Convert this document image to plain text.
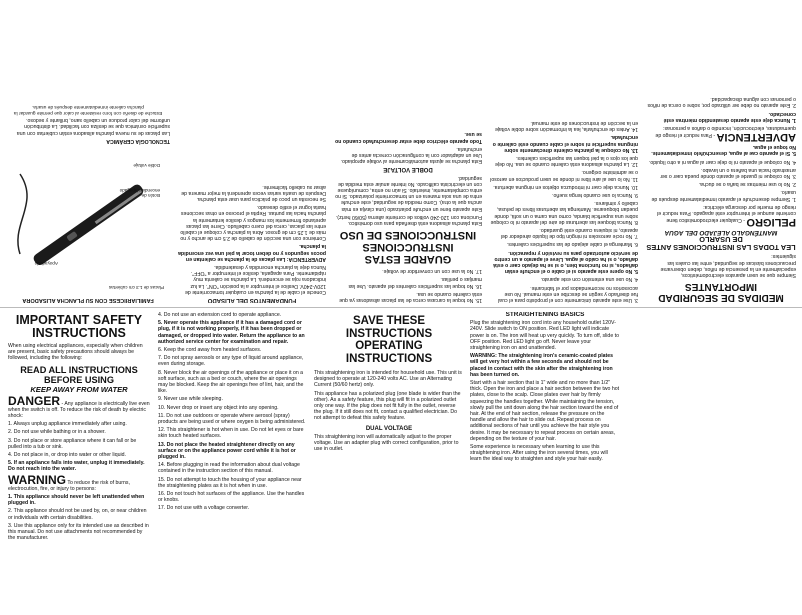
MEDIDAS DE SEGURIDAD IMPORTANTES

Siempre que se usen aparatos electrodomésticos, especialmente en la presencia de niños, deben observarse precauciones básicas de seguridad, entre las cuales las siguientes:

LEA TODAS LAS INSTRUCCIONES ANTES DE USARLO
MANTÉNGALO ALEJADO DEL AGUA

PELIGRO - Cualquier electrodoméstico tiene corriente aunque el interruptor esté apagado. Para reducir el riesgo de muerte por descarga eléctrica:

1. Siempre desenchufe el aparato inmediatamente después de usarlo.

2. No lo use mientras se baña o se ducha.

3. No coloque ni guarde el aparato donde pueda caer o ser arrastrado hacia una bañera o un lavabo.

4. No coloque el aparato ni lo deje caer al agua ni a otro líquido.

5. Si el aparato cae al agua, desenchúfelo inmediatamente. No toque el agua.

ADVERTENCIA - Para reducir el riesgo de quemaduras, electrocución, incendio o daños a personas:

1. Nunca deje este aparato desatendido mientras esté conectado.

2. Este aparato no debe ser utilizado por, sobre o cerca de niños o personas con alguna discapacidad.

3. Use este aparato únicamente con el propósito para el cual fue diseñado y según se describe en este manual. No use accesorios no recomendados por el fabricante.

4. No use una extensión con este aparato.

5. No opere este aparato si el cable o el enchufe están dañados, si no funciona bien, o si se ha dejado caer o está dañado, o si ha caído al agua. Lleve el aparato a un centro de servicio autorizado para su revisión y reparación.

6. Mantenga el cable alejado de las superficies calientes.

7. No rocíe aerosoles ni ningún tipo de líquido alrededor del aparato, ni siquiera cuando esté guardado.

8. Nunca bloquee las aberturas de aire del aparato ni lo coloque sobre una superficie blanda, como una cama o un sofá, donde puedan bloquearse. Mantenga las aberturas libres de pelusa, cabello y similares.

9. Nunca lo use cuando tenga sueño.

10. Nunca deje caer ni introduzca objetos en ninguna abertura.

11. No lo use al aire libre ni donde se usen productos en aerosol o se administre oxígeno.

12. La plancha alisadora está caliente cuando se usa. No deje que los ojos o la piel toquen las superficies calientes.

13. No coloque la plancha caliente directamente sobre ninguna superficie ni sobre el cable cuando esté caliente o enchufada.

14. Antes de enchufarla, lea la información sobre doble voltaje en la sección de instrucciones de este manual.

15. No toque la carcasa cerca de las placas alisadoras ya que está caliente cuando se usa.

16. No toque las superficies calientes del aparato. Use las manijas o perillas.

17. No la use con un convertidor de voltaje.

GUARDE ESTAS INSTRUCCIONES INSTRUCCIONES DE USO

Esta plancha alisadora está diseñada para uso doméstico. Funciona con 120-240 voltios de corriente alterna (50/60 hertz).

Este aparato tiene un enchufe polarizado (una clavija es más ancha que la otra). Como medida de seguridad, este enchufe entra de una sola manera en un tomacorriente polarizado. Si no entra completamente, inviertalo. Si aún no entra, comuníquese con un electricista calificado. No intente anular esta medida de seguridad.

DOBLE VOLTAJE

Esta plancha se ajusta automáticamente al voltaje apropiado. Use un adaptador con la configuración correcta antes de enchufarla.

Todo aparato eléctrico debe estar desenchufado cuando no se use.

FUNDAMENTOS DEL ALISADO

Conecte el cable de la plancha en cualquier tomacorriente de 120V-240V. Deslice el interruptor a la posición "ON". La luz indicadora roja se encenderá. La plancha se calienta muy rápidamente. Para apagarla, deslice el interruptor a "OFF". Nunca deje la plancha encendida y desatendida.

ADVERTENCIA: Las placas de la plancha se calientan en pocos segundos y no deben tocar la piel una vez encendida la plancha.

Comience con una sección de cabello de 2.5 cm de ancho y no más de 1.25 cm de grosor. Abra la plancha y coloque el cabello entre las placas, cerca del cuero cabelludo. Cierre las placas apretando firmemente los mangos y deslice lentamente la plancha hacia las puntas. Repita el proceso en otras secciones hasta lograr el estilo deseado.

Se necesita un poco de práctica para usar esta plancha. Después de usarla varias veces aprenderá la mejor manera de alisar su cabello fácilmente.

FAMILIARIÍCESE CON SU PLANCHA ALISADORA
Placas de 1.3 cm cubiertas
Apoyadedo
Botón de encendido/apagado
Doble voltaje

TECNOLOGÍA CERÁMICA

Las placas de su nueva plancha alisadora están cubiertas con una superficie cerámica que se desliza con facilidad. La distribución uniforme del calor produce un cabello sano, brillante y sedoso.

Estuche de diseño con forro resistente al calor que permite guardar la plancha caliente inmediatamente después de usarla.

IMPORTANT SAFETY INSTRUCTIONS

When using electrical appliances, especially when children are present, basic safety precautions should always be followed, including the following:

READ ALL INSTRUCTIONS BEFORE USING
KEEP AWAY FROM WATER

DANGER - Any appliance is electrically live even when the switch is off. To reduce the risk of death by electric shock:

1. Always unplug appliance immediately after using.

2. Do not use while bathing or in a shower.

3. Do not place or store appliance where it can fall or be pulled into a tub or sink.

4. Do not place in, or drop into water or other liquid.

5. If an appliance falls into water, unplug it immediately. Do not reach into the water.

WARNING To reduce the risk of burns, electrocution, fire, or injury to persons:

1. This appliance should never be left unattended when plugged in.

2. This appliance should not be used by, on, or near children or individuals with certain disabilities.

3. Use this appliance only for its intended use as described in this manual. Do not use attachments not recommended by the manufacturer.

4. Do not use an extension cord to operate appliance.

5. Never operate this appliance if it has a damaged cord or plug, if it is not working properly, if it has been dropped or damaged, or dropped into water. Return the appliance to an authorized service center for examination and repair.

6. Keep the cord away from heated surfaces.

7. Do not spray aerosols or any type of liquid around appliance, even during storage.

8. Never block the air openings of the appliance or place it on a soft surface, such as a bed or couch, where the air openings may be blocked. Keep the air openings free of lint, hair, and the like.

9. Never use while sleeping.

10. Never drop or insert any object into any opening.

11. Do not use outdoors or operate where aerosol (spray) products are being used or where oxygen is being administered.

12. This straightener is hot when in use. Do not let eyes or bare skin touch heated surfaces.

13. Do not place the heated straightener directly on any surface or on the appliance power cord while it is hot or plugged in.

14. Before plugging in read the information about dual voltage contained in the instruction section of this manual.

15. Do not attempt to touch the housing of your appliance near the straightening plates as it is hot when in use.

16. Do not touch hot surfaces of the appliance. Use the handles or knobs.

17. Do not use with a voltage converter.

SAVE THESE INSTRUCTIONS OPERATING INSTRUCTIONS

This straightening iron is intended for household use. This unit is designed to operate at 120-240 volts AC. Use an Alternating Current (50/60 hertz) only.

This appliance has a polarized plug (one blade is wider than the other). As a safety feature, this plug will fit in a polarized outlet only one way. If the plug does not fit fully in the outlet, reverse the plug. If it still does not fit, contact a qualified electrician. Do not attempt to defeat this safety feature.

DUAL VOLTAGE

This straightening iron will automatically adjust to the proper voltage. Use an adapter plug with correct configuration, prior to use in outlet.

STRAIGHTENING BASICS

Plug the straightening iron cord into any household outlet 120V-240V. Slide switch to ON position. Red LED light will indicate power is on. The iron will heat up very quickly. To turn off, slide to OFF position. Red LED light go off. Never leave your straightening iron on and unattended.

WARNING: The straightening iron's ceramic-coated plates will get very hot within a few seconds and should not be placed in contact with the skin after the straightening iron has been turned on.

Start with a hair section that is 1" wide and no more than 1/2" thick. Open the iron and place a hair section between the two hot plates, close to the scalp. Close plates over hair by firmly squeezing the handles together. While maintaining the tension, slowly pull the unit down along the hair section toward the end of hair. At the end of hair section, release the pressure on the handle and allow the hair to slide out. Repeat process on additional sections of hair until you achieve the hair style you desire. It may be necessary to repeat process on certain areas, depending on the texture of your hair.

Some experience is necessary when learning to use this straightening iron. After using the iron several times, you will learn the ideal way to straighten and style your hair easily.
